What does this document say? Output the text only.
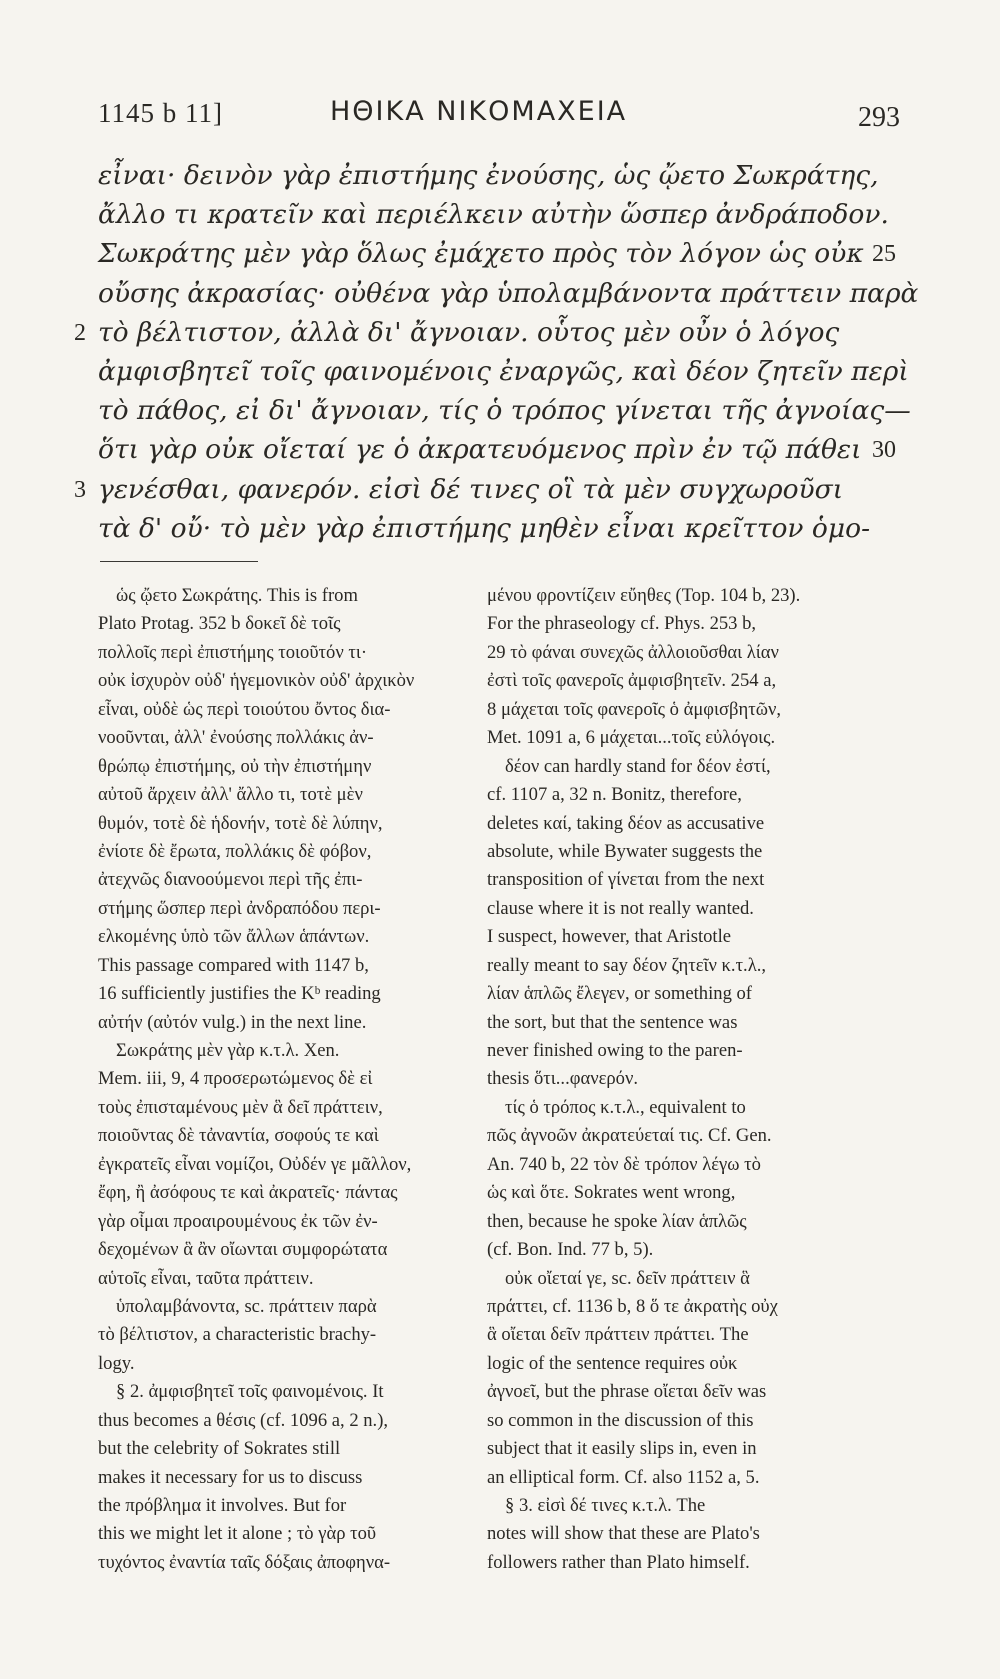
1145 b 11]	ΗΘΙΚΑ ΝΙΚΟΜΑΧΕΙΑ	293
εἶναι· δεινὸν γὰρ ἐπιστήμης ἐνούσης, ὡς ᾤετο Σωκράτης,
ἄλλο τι κρατεῖν καὶ περιέλκειν αὐτὴν ὥσπερ ἀνδράποδον.
Σωκράτης μὲν γὰρ ὅλως ἐμάχετο πρὸς τὸν λόγον ὡς οὐκ 25
οὔσης ἀκρασίας· οὐθένα γὰρ ὑπολαμβάνοντα πράττειν παρὰ
τὸ βέλτιστον, ἀλλὰ δι' ἄγνοιαν. οὗτος μὲν οὖν ὁ λόγος
2
ἀμφισβητεῖ τοῖς φαινομένοις ἐναργῶς, καὶ δέον ζητεῖν περὶ
τὸ πάθος, εἰ δι' ἄγνοιαν, τίς ὁ τρόπος γίνεται τῆς ἀγνοίας—
ὅτι γὰρ οὐκ οἴεταί γε ὁ ἀκρατευόμενος πρὶν ἐν τῷ πάθει 30
γενέσθαι, φανερόν. εἰσὶ δέ τινες οἳ τὰ μὲν συγχωροῦσι
3
τὰ δ' οὔ· τὸ μὲν γὰρ ἐπιστήμης μηθὲν εἶναι κρεῖττον ὁμο-
ὡς ᾤετο Σωκράτης. This is from
Plato Protag. 352 b δοκεῖ δὲ τοῖς
πολλοῖς περὶ ἐπιστήμης τοιοῦτόν τι·
οὐκ ἰσχυρὸν οὐδ' ἡγεμονικὸν οὐδ' ἀρχικὸν
εἶναι, οὐδὲ ὡς περὶ τοιούτου ὄντος δια-
νοοῦνται, ἀλλ' ἐνούσης πολλάκις ἀν-
θρώπῳ ἐπιστήμης, οὐ τὴν ἐπιστήμην
αὐτοῦ ἄρχειν ἀλλ' ἄλλο τι, τοτὲ μὲν
θυμόν, τοτὲ δὲ ἡδονήν, τοτὲ δὲ λύπην,
ἐνίοτε δὲ ἔρωτα, πολλάκις δὲ φόβον,
ἀτεχνῶς διανοούμενοι περὶ τῆς ἐπι-
στήμης ὥσπερ περὶ ἀνδραπόδου περι-
ελκομένης ὑπὸ τῶν ἄλλων ἁπάντων.
This passage compared with 1147 b,
16 sufficiently justifies the Kᵇ reading
αὐτήν (αὐτόν vulg.) in the next line.
Σωκράτης μὲν γὰρ κ.τ.λ. Xen.
Mem. iii, 9, 4 προσερωτώμενος δὲ εἰ
τοὺς ἐπισταμένους μὲν ἃ δεῖ πράττειν,
ποιοῦντας δὲ τἀναντία, σοφούς τε καὶ
ἐγκρατεῖς εἶναι νομίζοι, Οὐδέν γε μᾶλλον,
ἔφη, ἢ ἀσόφους τε καὶ ἀκρατεῖς· πάντας
γὰρ οἶμαι προαιρουμένους ἐκ τῶν ἐν-
δεχομένων ἃ ἂν οἴωνται συμφορώτατα
αὑτοῖς εἶναι, ταῦτα πράττειν.
ὑπολαμβάνοντα, sc. πράττειν παρὰ
τὸ βέλτιστον, a characteristic brachy-
logy.
§ 2. ἀμφισβητεῖ τοῖς φαινομένοις. It
thus becomes a θέσις (cf. 1096 a, 2 n.),
but the celebrity of Sokrates still
makes it necessary for us to discuss
the πρόβλημα it involves. But for
this we might let it alone ; τὸ γὰρ τοῦ
τυχόντος ἐναντία ταῖς δόξαις ἀποφηνα-
μένου φροντίζειν εὔηθες (Top. 104 b, 23).
For the phraseology cf. Phys. 253 b,
29 τὸ φάναι συνεχῶς ἀλλοιοῦσθαι λίαν
ἐστὶ τοῖς φανεροῖς ἀμφισβητεῖν. 254 a,
8 μάχεται τοῖς φανεροῖς ὁ ἀμφισβητῶν,
Met. 1091 a, 6 μάχεται...τοῖς εὐλόγοις.
δέον can hardly stand for δέον ἐστί,
cf. 1107 a, 32 n. Bonitz, therefore,
deletes καί, taking δέον as accusative
absolute, while Bywater suggests the
transposition of γίνεται from the next
clause where it is not really wanted.
I suspect, however, that Aristotle
really meant to say δέον ζητεῖν κ.τ.λ.,
λίαν ἁπλῶς ἔλεγεν, or something of
the sort, but that the sentence was
never finished owing to the paren-
thesis ὅτι...φανερόν.
τίς ὁ τρόπος κ.τ.λ., equivalent to
πῶς ἀγνοῶν ἀκρατεύεταί τις. Cf. Gen.
An. 740 b, 22 τὸν δὲ τρόπον λέγω τὸ
ὡς καὶ ὅτε. Sokrates went wrong,
then, because he spoke λίαν ἁπλῶς
(cf. Bon. Ind. 77 b, 5).
οὐκ οἴεταί γε, sc. δεῖν πράττειν ἃ
πράττει, cf. 1136 b, 8 ὅ τε ἀκρατὴς οὐχ
ἃ οἴεται δεῖν πράττειν πράττει. The
logic of the sentence requires οὐκ
ἀγνοεῖ, but the phrase οἴεται δεῖν was
so common in the discussion of this
subject that it easily slips in, even in
an elliptical form. Cf. also 1152 a, 5.
§ 3. εἰσὶ δέ τινες κ.τ.λ. The
notes will show that these are Plato's
followers rather than Plato himself.
